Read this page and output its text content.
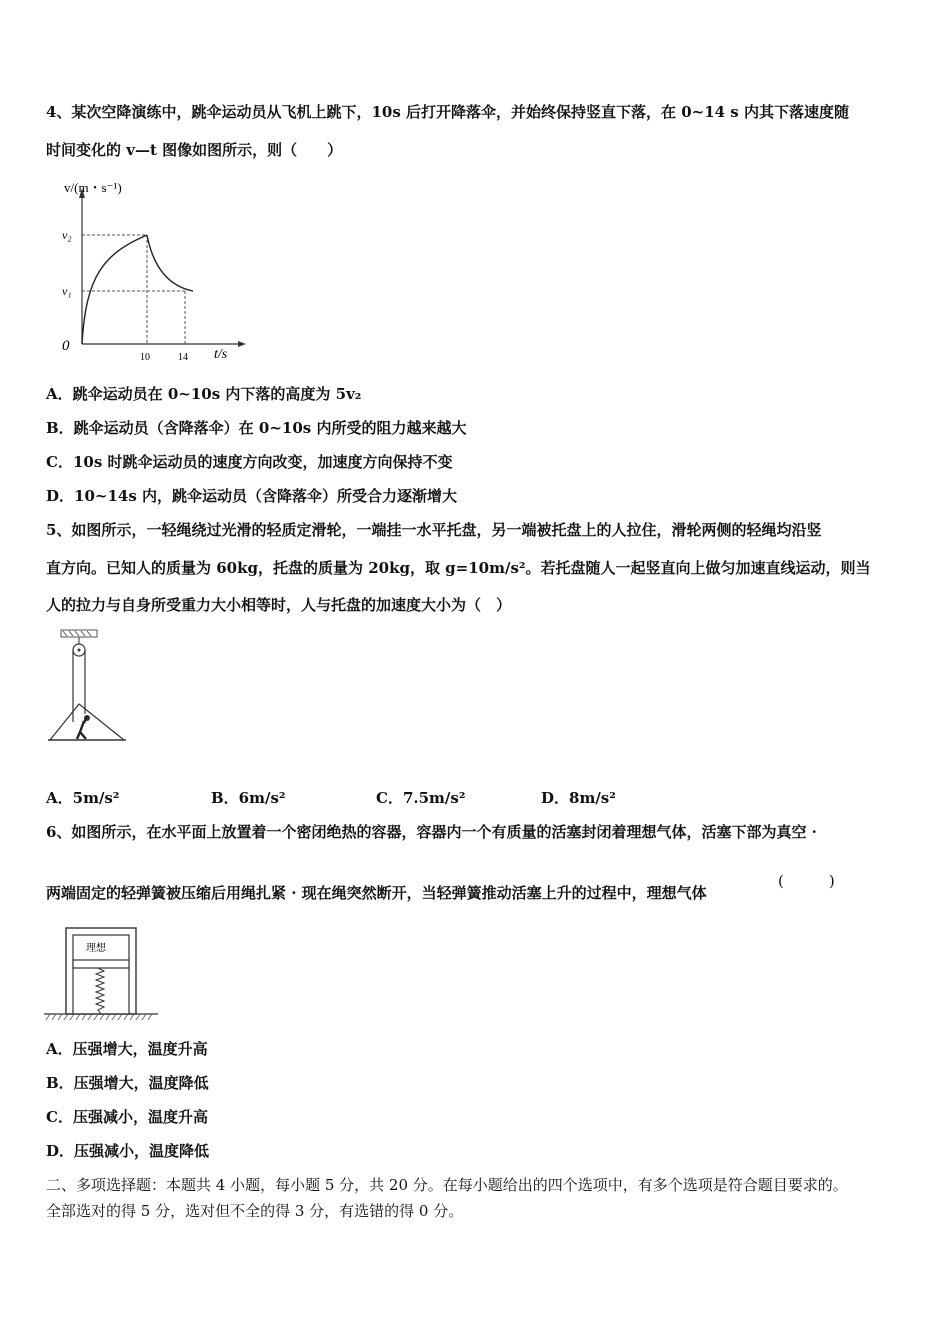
4、某次空降演练中，跳伞运动员从飞机上跳下，10s 后打开降落伞，并始终保持竖直下落，在 0~14 s 内其下落速度随
时间变化的 v—t 图像如图所示，则（　　）
v/(m・s⁻¹)
v₂
v₁
0
10	14 t/s
A．跳伞运动员在 0~10s 内下落的高度为 5v₂
B．跳伞运动员（含降落伞）在 0~10s 内所受的阻力越来越大
C．10s 时跳伞运动员的速度方向改变，加速度方向保持不变
D．10~14s 内，跳伞运动员（含降落伞）所受合力逐渐增大
5、如图所示，一轻绳绕过光滑的轻质定滑轮，一端挂一水平托盘，另一端被托盘上的人拉住，滑轮两侧的轻绳均沿竖
直方向。已知人的质量为 60kg，托盘的质量为 20kg，取 g=10m/s²。若托盘随人一起竖直向上做匀加速直线运动，则当
人的拉力与自身所受重力大小相等时，人与托盘的加速度大小为（　）
A．5m/s²	B．6m/s²	C．7.5m/s²	D．8m/s²
6、如图所示，在水平面上放置着一个密闭绝热的容器，容器内一个有质量的活塞封闭着理想气体，活塞下部为真空 ·
两端固定的轻弹簧被压缩后用绳扎紧 · 现在绳突然断开，当轻弹簧推动活塞上升的过程中，理想气体
(　　　)
理想
A．压强增大，温度升高
B．压强增大，温度降低
C．压强减小，温度升高
D．压强减小，温度降低
二、多项选择题：本题共 4 小题，每小题 5 分，共 20 分。在每小题给出的四个选项中，有多个选项是符合题目要求的。
全部选对的得 5 分，选对但不全的得 3 分，有选错的得 0 分。
